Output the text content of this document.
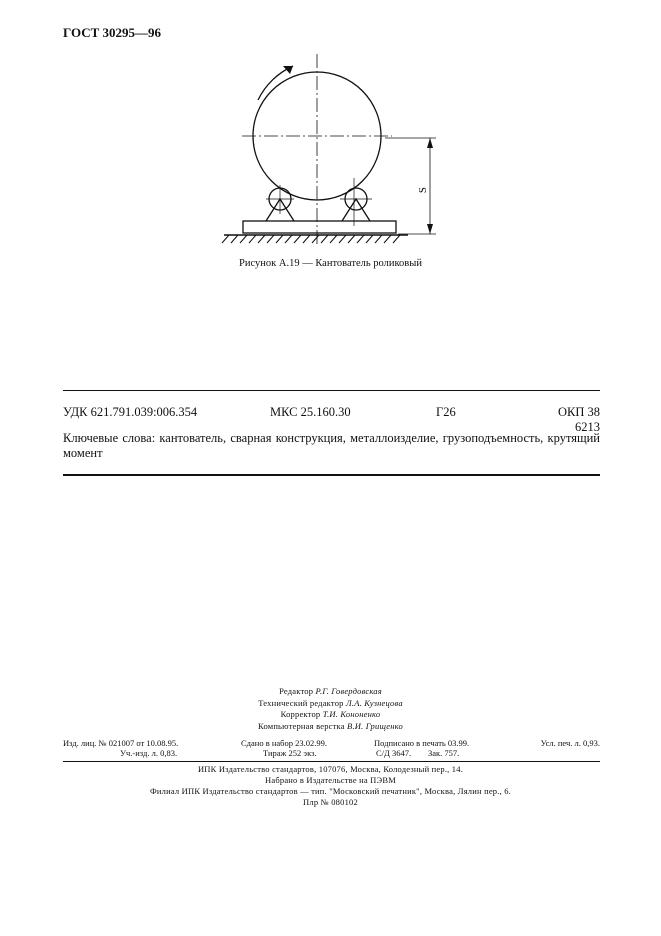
ГОСТ 30295—96
S
Рисунок А.19 — Кантователь роликовый
УДК 621.791.039:006.354	МКС 25.160.30	Г26	ОКП 38 6213
Ключевые слова: кантователь, сварная конструкция, металлоизделие, грузоподъемность, крутящий момент
Редактор Р.Г. Говердовская
Технический редактор Л.А. Кузнецова
Корректор Т.И. Кононенко
Компьютерная верстка В.И. Грищенко
Изд. лиц. № 021007 от 10.08.95.	Сдано в набор 23.02.99.	Подписано в печать 03.99.	Усл. печ. л. 0,93.
Уч.-изд. л. 0,83.	Тираж 252 экз.	С/Д 3647. Зак. 757.
ИПК Издательство стандартов, 107076, Москва, Колодезный пер., 14.
Набрано в Издательстве на ПЭВМ
Филиал ИПК Издательство стандартов — тип. "Московский печатник", Москва, Лялин пер., 6.
Плр № 080102
